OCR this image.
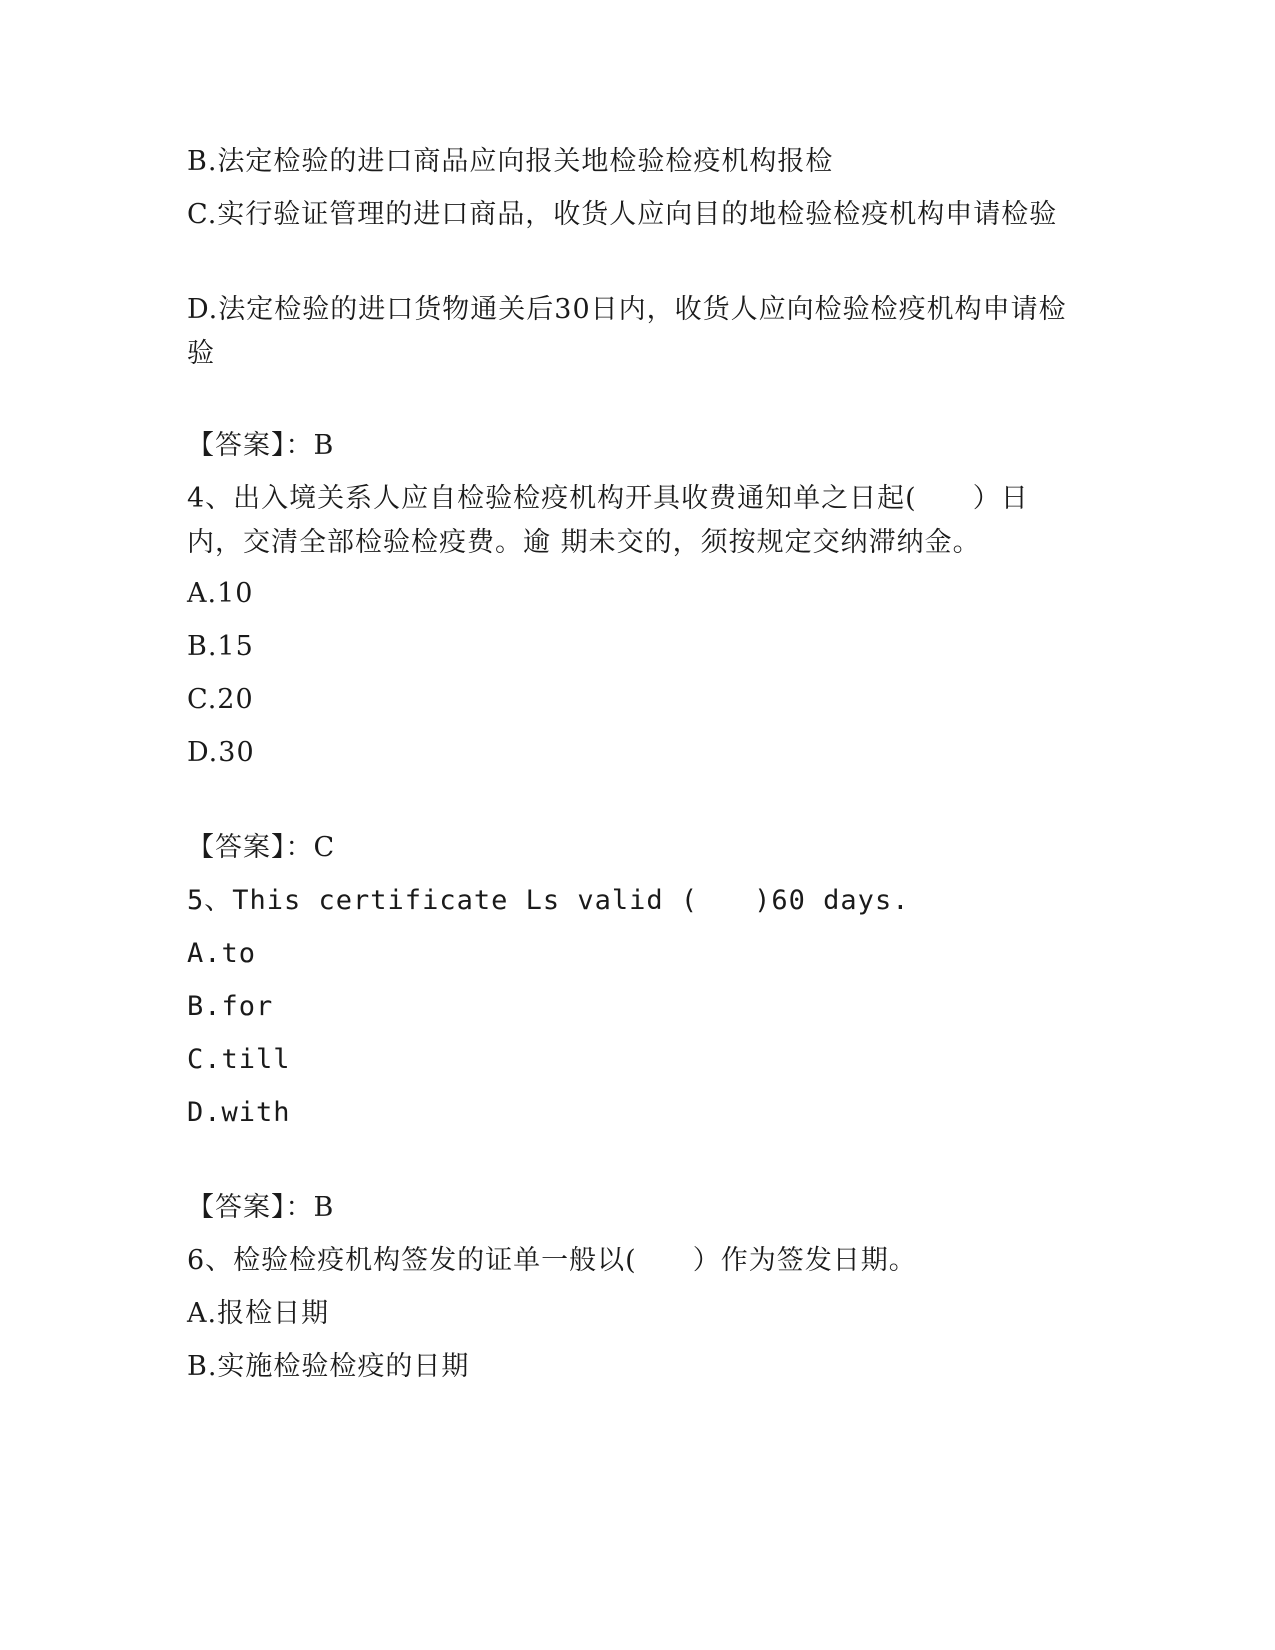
B.法定检验的进口商品应向报关地检验检疫机构报检
C.实行验证管理的进口商品，收货人应向目的地检验检疫机构申请检验
D.法定检验的进口货物通关后30日内，收货人应向检验检疫机构申请检验
【答案】：B
4、出入境关系人应自检验检疫机构开具收费通知单之日起(　　）日内，交清全部检验检疫费。逾 期未交的，须按规定交纳滞纳金。
A.10
B.15
C.20
D.30
【答案】：C
5、This certificate Ls valid (　　)60 days.
A.to
B.for
C.till
D.with
【答案】：B
6、检验检疫机构签发的证单一般以(　　）作为签发日期。
A.报检日期
B.实施检验检疫的日期
